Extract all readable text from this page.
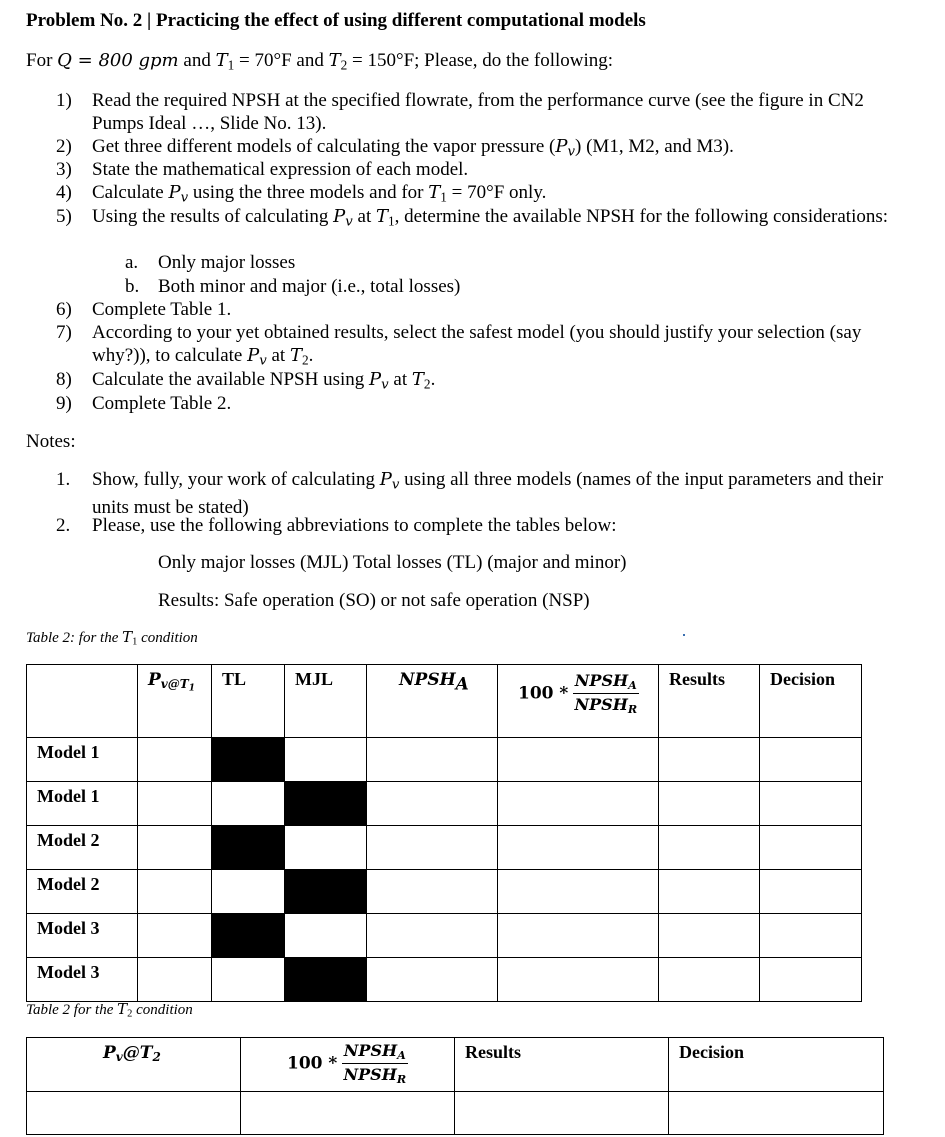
Problem No. 2 | Practicing the effect of using different computational models
For Q = 800 gpm and $T_1 = 70^\circ F$ and $T_2 = 150^\circ F$; Please, do the following:
1) Read the required NPSH at the specified flowrate, from the performance curve (see the figure in CN2 Pumps Ideal …, Slide No. 13).
2) Get three different models of calculating the vapor pressure (Pv) (M1, M2, and M3).
3) State the mathematical expression of each model.
4) Calculate Pv using the three models and for $T_1 = 70^\circ F$ only.
5) Using the results of calculating Pv at $T_1$, determine the available NPSH for the following considerations:
a. Only major losses
b. Both minor and major (i.e., total losses)
6) Complete Table 1.
7) According to your yet obtained results, select the safest model (you should justify your selection (say why?)), to calculate Pv at $T_2$.
8) Calculate the available NPSH using Pv at $T_2$.
9) Complete Table 2.
Notes:
1. Show, fully, your work of calculating Pv using all three models (names of the input parameters and their units must be stated)
2. Please, use the following abbreviations to complete the tables below:
Only major losses (MJL) Total losses (TL) (major and minor)
Results: Safe operation (SO) or not safe operation (NSP)
Table 2: for the $T_1$ condition
	$Pv@T_1$	TL	MJL	NPSHA	$100 * \frac{\text{NPSHA}}{\text{NPSHR}}$	Results	Decision
Model 1							
Model 1							
Model 2							
Model 2							
Model 3							
Model 3							
Table 2 for the $T_2$ condition
Pv@T2	$100 * \frac{\text{NPSHA}}{\text{NPSHR}}$	Results	Decision
